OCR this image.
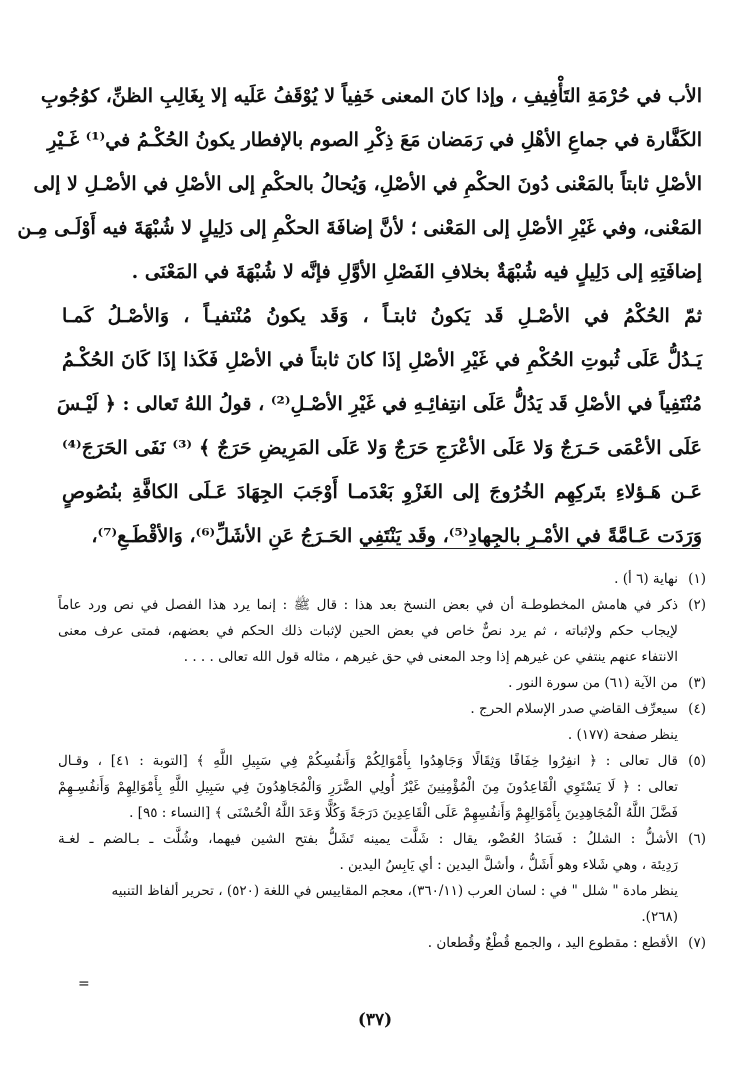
الأب في حُرْمَةِ التَأْفِيفِ ، وإذا كانَ المعنى خَفِياً لا يُوْقَفُ عَلَيه إلا بِغَالِبِ الظنِّ، كوُجُوبِ
الكَفَّارة في جماعِ الأهْلِ في رَمَضان مَعَ ذِكْرِ الصوم بالإفطار يكونُ الحُكْـمُ في⁽¹⁾ غَـيْرِ
الأصْلِ ثابتاً بالمَعْنى دُونَ الحكْمِ في الأصْلِ، وَيُحالُ بالحكْمِ إلى الأصْلِ في الأصْـلِ لا إلى
المَعْنى، وفي غَيْرِ الأصْلِ إلى المَعْنى ؛ لأنَّ إضافَةَ الحكْمِ إلى دَلِيلٍ لا شُبْهَةَ فيه أَوْلَـى مِـن
إضافَتِهِ إلى دَلِيلٍ فيه شُبْهَةٌ بخلافِ الفَصْلِ الأوَّلِ فإنَّه لا شُبْهَةَ في المَعْنَى .
ثمّ الحُكْمُ في الأصْـلِ قَد يَكونُ ثابتـاً ، وَقَد يكونُ مُنْتفيـاً ، وَالأصْـلُ كَمـا
يَـدُلُّ عَلَى ثُبوتِ الحُكْمِ في غَيْرِ الأصْلِ إذَا كانَ ثابتاً في الأصْلِ فَكَذا إذَا كَانَ الحُكْـمُ
مُنْتَفِياً في الأصْلِ قَد يَدُلُّ عَلَى انتِفائِـهِ في غَيْرِ الأصْـلِ⁽²⁾ ، قولُ اللهُ تَعالى : ﴿ لَيْـسَ
عَلَى الأعْمَى حَـرَجٌ وَلا عَلَى الأعْرَجِ حَرَجٌ وَلا عَلَى المَرِيضِ حَرَجٌ ﴾ ⁽³⁾ نَفَى الحَرَجَ⁽⁴⁾
عَـن هَـؤلاءِ بتَركِهِم الخُرُوجَ إلى الغَزْوِ بَعْدَمـا أَوْجَبَ الجِهَادَ عَـلَى الكافَّةِ بنُصُوصٍ
وَرَدَت عَـامَّةً في الأمْـرِ بالجِهادِ⁽⁵⁾، وقَد يَنْتَفِي الحَـرَجُ عَنِ الأشَلِّ⁽⁶⁾، وَالأقْطَـعِ⁽⁷⁾،
(١)
نهاية (٦ أ) .
(٢)
ذكر في هامش المخطوطـة أن في بعض النسخ بعد هذا : قال ﷺ : إنما يرد هذا الفصل في نص ورد عاماً
لإيجاب حكم ولإثباته ، ثم يرد نصٌّ خاص في بعض الحين لإثبات ذلك الحكم في بعضهم، فمتى عرف معنى
الانتفاء عنهم ينتفي عن غيرهم إذا وجد المعنى في حق غيرهم ، مثاله قول الله تعالى . . . .
(٣)
من الآية (٦١) من سورة النور .
(٤)
سيعرِّف القاضي صدر الإسلام الحرج .
ينظر صفحة (١٧٧) .
(٥)
قال تعالى : ﴿ انفِرُوا خِفَافًا وَثِقَالًا وَجَاهِدُوا بِأَمْوَالِكُمْ وَأَنفُسِكُمْ فِي سَبِيلِ اللَّهِ ﴾ [التوبة : ٤١] ، وقـال
تعالى : ﴿ لَا يَسْتَوِي الْقَاعِدُونَ مِنَ الْمُؤْمِنِينَ غَيْرُ أُولِي الضَّرَرِ وَالْمُجَاهِدُونَ فِي سَبِيلِ اللَّهِ بِأَمْوَالِهِمْ وَأَنفُسِـهِمْ
فَضَّلَ اللَّهُ الْمُجَاهِدِينَ بِأَمْوَالِهِمْ وَأَنفُسِهِمْ عَلَى الْقَاعِدِينَ دَرَجَةً وَكُلًّا وَعَدَ اللَّهُ الْحُسْنَى ﴾ [النساء : ٩٥] .
(٦)
الأشلُّ : الشللُ : فَسَادُ العُضْو، يقال : شَلَّت يمينه تَشَلُّ بفتح الشين فيهما، وشُلَّت ـ بـالضم ـ لغـة
رَدِيئة ، وهي شَلاء وهو أَشَلُّ ، وأشلَّ اليدين : أي يَابِسُ اليدين .
ينظر مادة " شلل " في : لسان العرب (٣٦٠/١١)، معجم المقاييس في اللغة (٥٢٠) ، تحرير ألفاظ التنبيه
(٢٦٨).
(٧)
الأقطع : مقطوع اليد ، والجمع قُطْعٌ وقُطعان .
=
(٣٧)
